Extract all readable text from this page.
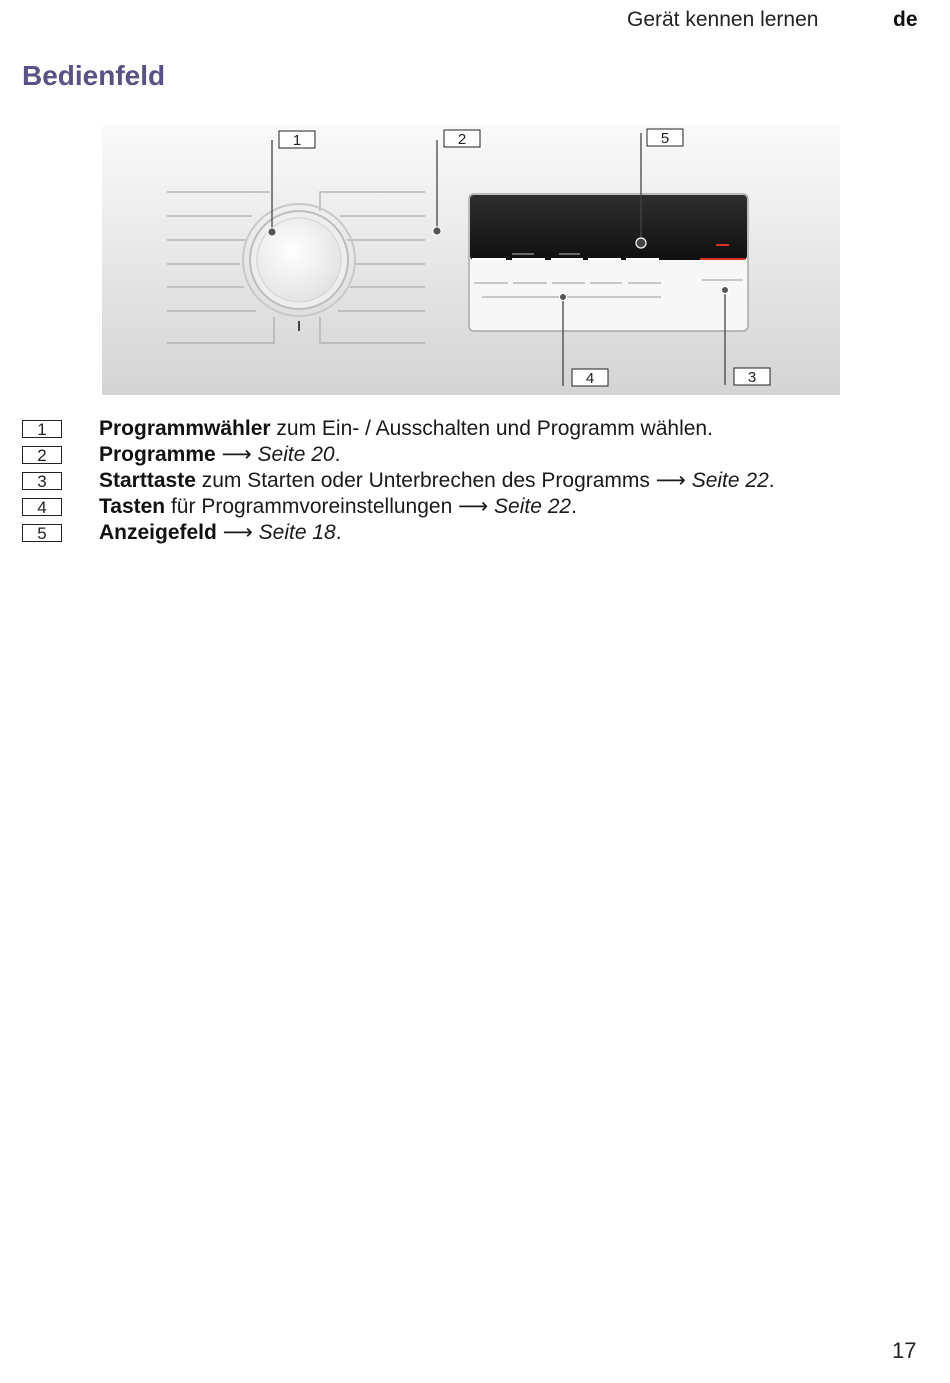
Gerät kennen lernen	de
Bedienfeld
1	2	5
4	3
1	Programmwähler zum Ein- / Ausschalten und Programm wählen.
2	Programme ⟶ Seite 20.
3	Starttaste zum Starten oder Unterbrechen des Programms ⟶ Seite 22.
4	Tasten für Programmvoreinstellungen ⟶ Seite 22.
5	Anzeigefeld ⟶ Seite 18.
17
